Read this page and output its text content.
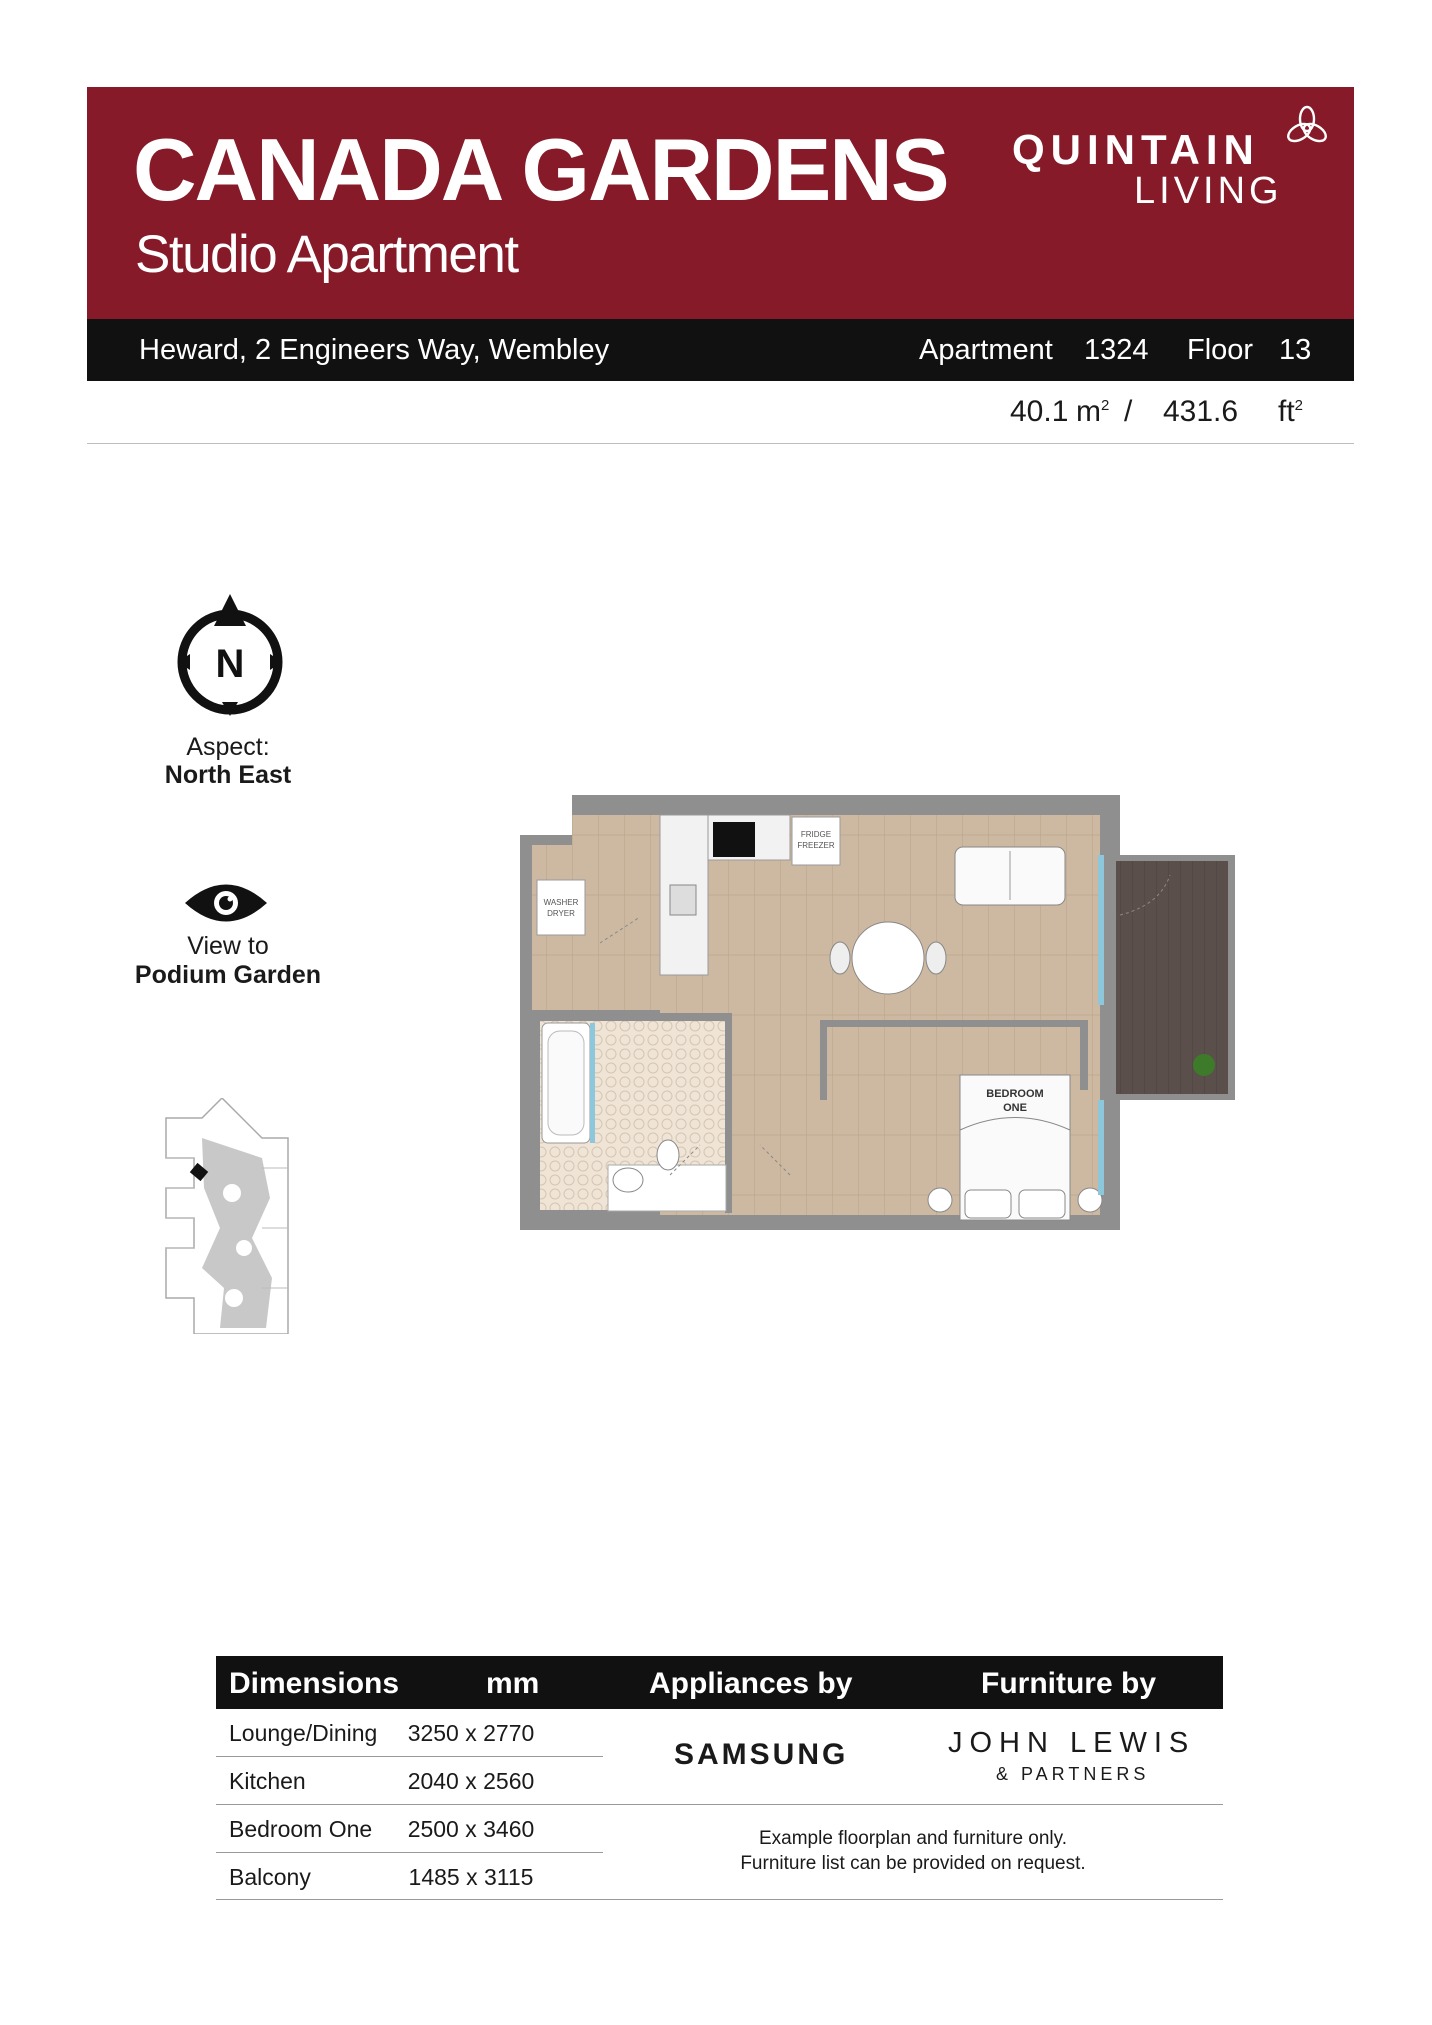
CANADA GARDENS
Studio Apartment
QUINTAIN
LIVING
Heward, 2 Engineers Way, Wembley	Apartment 1324 Floor 13
40.1 $m^2 / 431.6$ $ft^2$
N
Aspect:
North East
View to
Podium Garden
FRIDGE
FREEZER
WASHER
DRYER
BEDROOM
ONE
Dimensions	mm	Appliances by	Furniture by
Lounge/Dining	3250 x 2770
Kitchen	2040 x 2560
Bedroom One	2500 x 3460
Balcony	1485 x 3115
SAMSUNG	JOHN LEWIS
& PARTNERS
Example floorplan and furniture only.
Furniture list can be provided on request.
